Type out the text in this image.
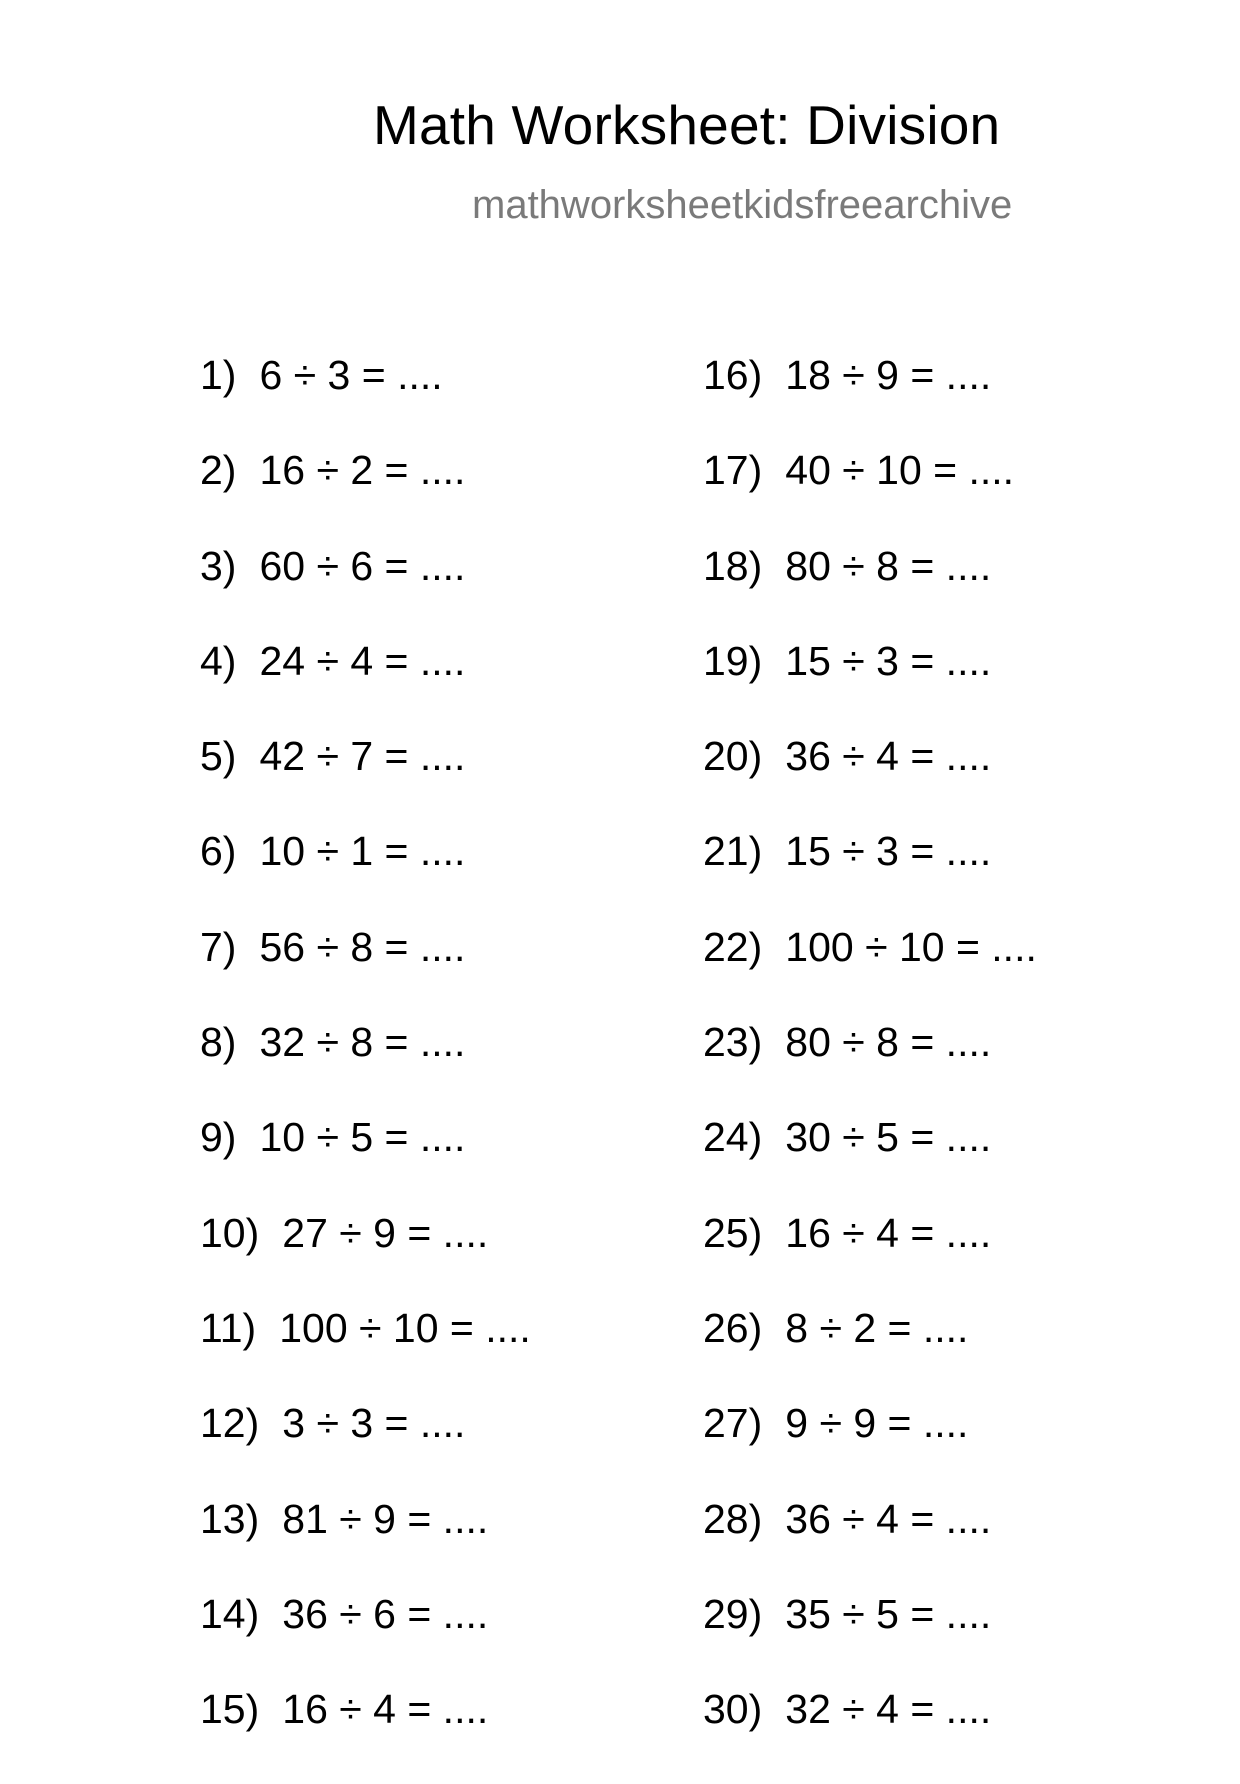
Math Worksheet: Division
mathworksheetkidsfreearchive
1) 6 ÷ 3 = ....
2) 16 ÷ 2 = ....
3) 60 ÷ 6 = ....
4) 24 ÷ 4 = ....
5) 42 ÷ 7 = ....
6) 10 ÷ 1 = ....
7) 56 ÷ 8 = ....
8) 32 ÷ 8 = ....
9) 10 ÷ 5 = ....
10) 27 ÷ 9 = ....
11) 100 ÷ 10 = ....
12) 3 ÷ 3 = ....
13) 81 ÷ 9 = ....
14) 36 ÷ 6 = ....
15) 16 ÷ 4 = ....
16) 18 ÷ 9 = ....
17) 40 ÷ 10 = ....
18) 80 ÷ 8 = ....
19) 15 ÷ 3 = ....
20) 36 ÷ 4 = ....
21) 15 ÷ 3 = ....
22) 100 ÷ 10 = ....
23) 80 ÷ 8 = ....
24) 30 ÷ 5 = ....
25) 16 ÷ 4 = ....
26) 8 ÷ 2 = ....
27) 9 ÷ 9 = ....
28) 36 ÷ 4 = ....
29) 35 ÷ 5 = ....
30) 32 ÷ 4 = ....
